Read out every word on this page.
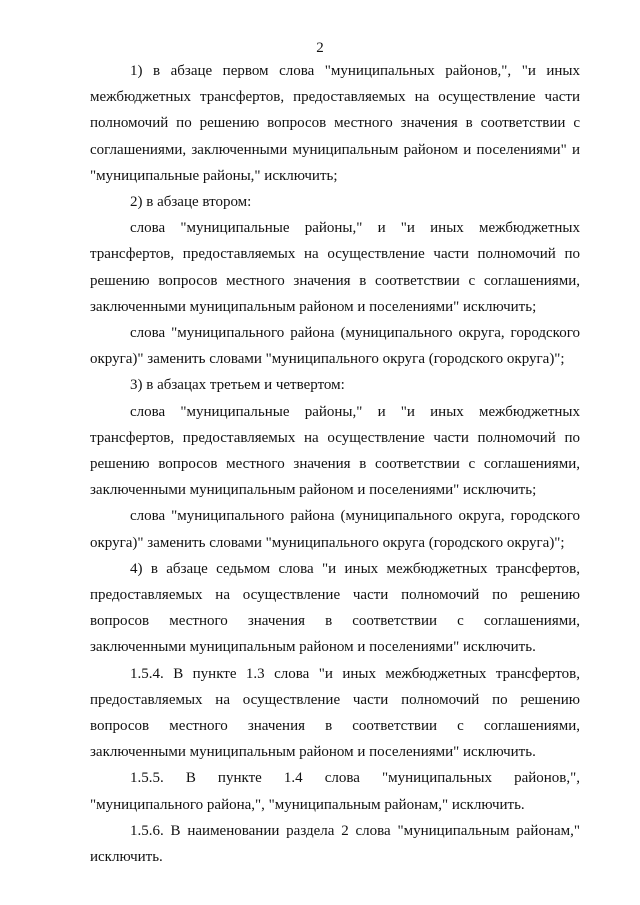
2

1) в абзаце первом слова "муниципальных районов,", "и иных межбюджетных трансфертов, предоставляемых на осуществление части полномочий по решению вопросов местного значения в соответствии с соглашениями, заключенными муниципальным районом и поселениями" и "муниципальные районы," исключить;

2) в абзаце втором:

слова "муниципальные районы," и "и иных межбюджетных трансфертов, предоставляемых на осуществление части полномочий по решению вопросов местного значения в соответствии с соглашениями, заключенными муниципальным районом и поселениями" исключить;

слова "муниципального района (муниципального округа, городского округа)" заменить словами "муниципального округа (городского округа)";

3) в абзацах третьем и четвертом:

слова "муниципальные районы," и "и иных межбюджетных трансфертов, предоставляемых на осуществление части полномочий по решению вопросов местного значения в соответствии с соглашениями, заключенными муниципальным районом и поселениями" исключить;

слова "муниципального района (муниципального округа, городского округа)" заменить словами "муниципального округа (городского округа)";

4) в абзаце седьмом слова "и иных межбюджетных трансфертов, предоставляемых на осуществление части полномочий по решению вопросов местного значения в соответствии с соглашениями, заключенными муниципальным районом и поселениями" исключить.

1.5.4. В пункте 1.3 слова "и иных межбюджетных трансфертов, предоставляемых на осуществление части полномочий по решению вопросов местного значения в соответствии с соглашениями, заключенными муниципальным районом и поселениями" исключить.

1.5.5. В пункте 1.4 слова "муниципальных районов,", "муниципального района,", "муниципальным районам," исключить.

1.5.6. В наименовании раздела 2 слова "муниципальным районам," исключить.
